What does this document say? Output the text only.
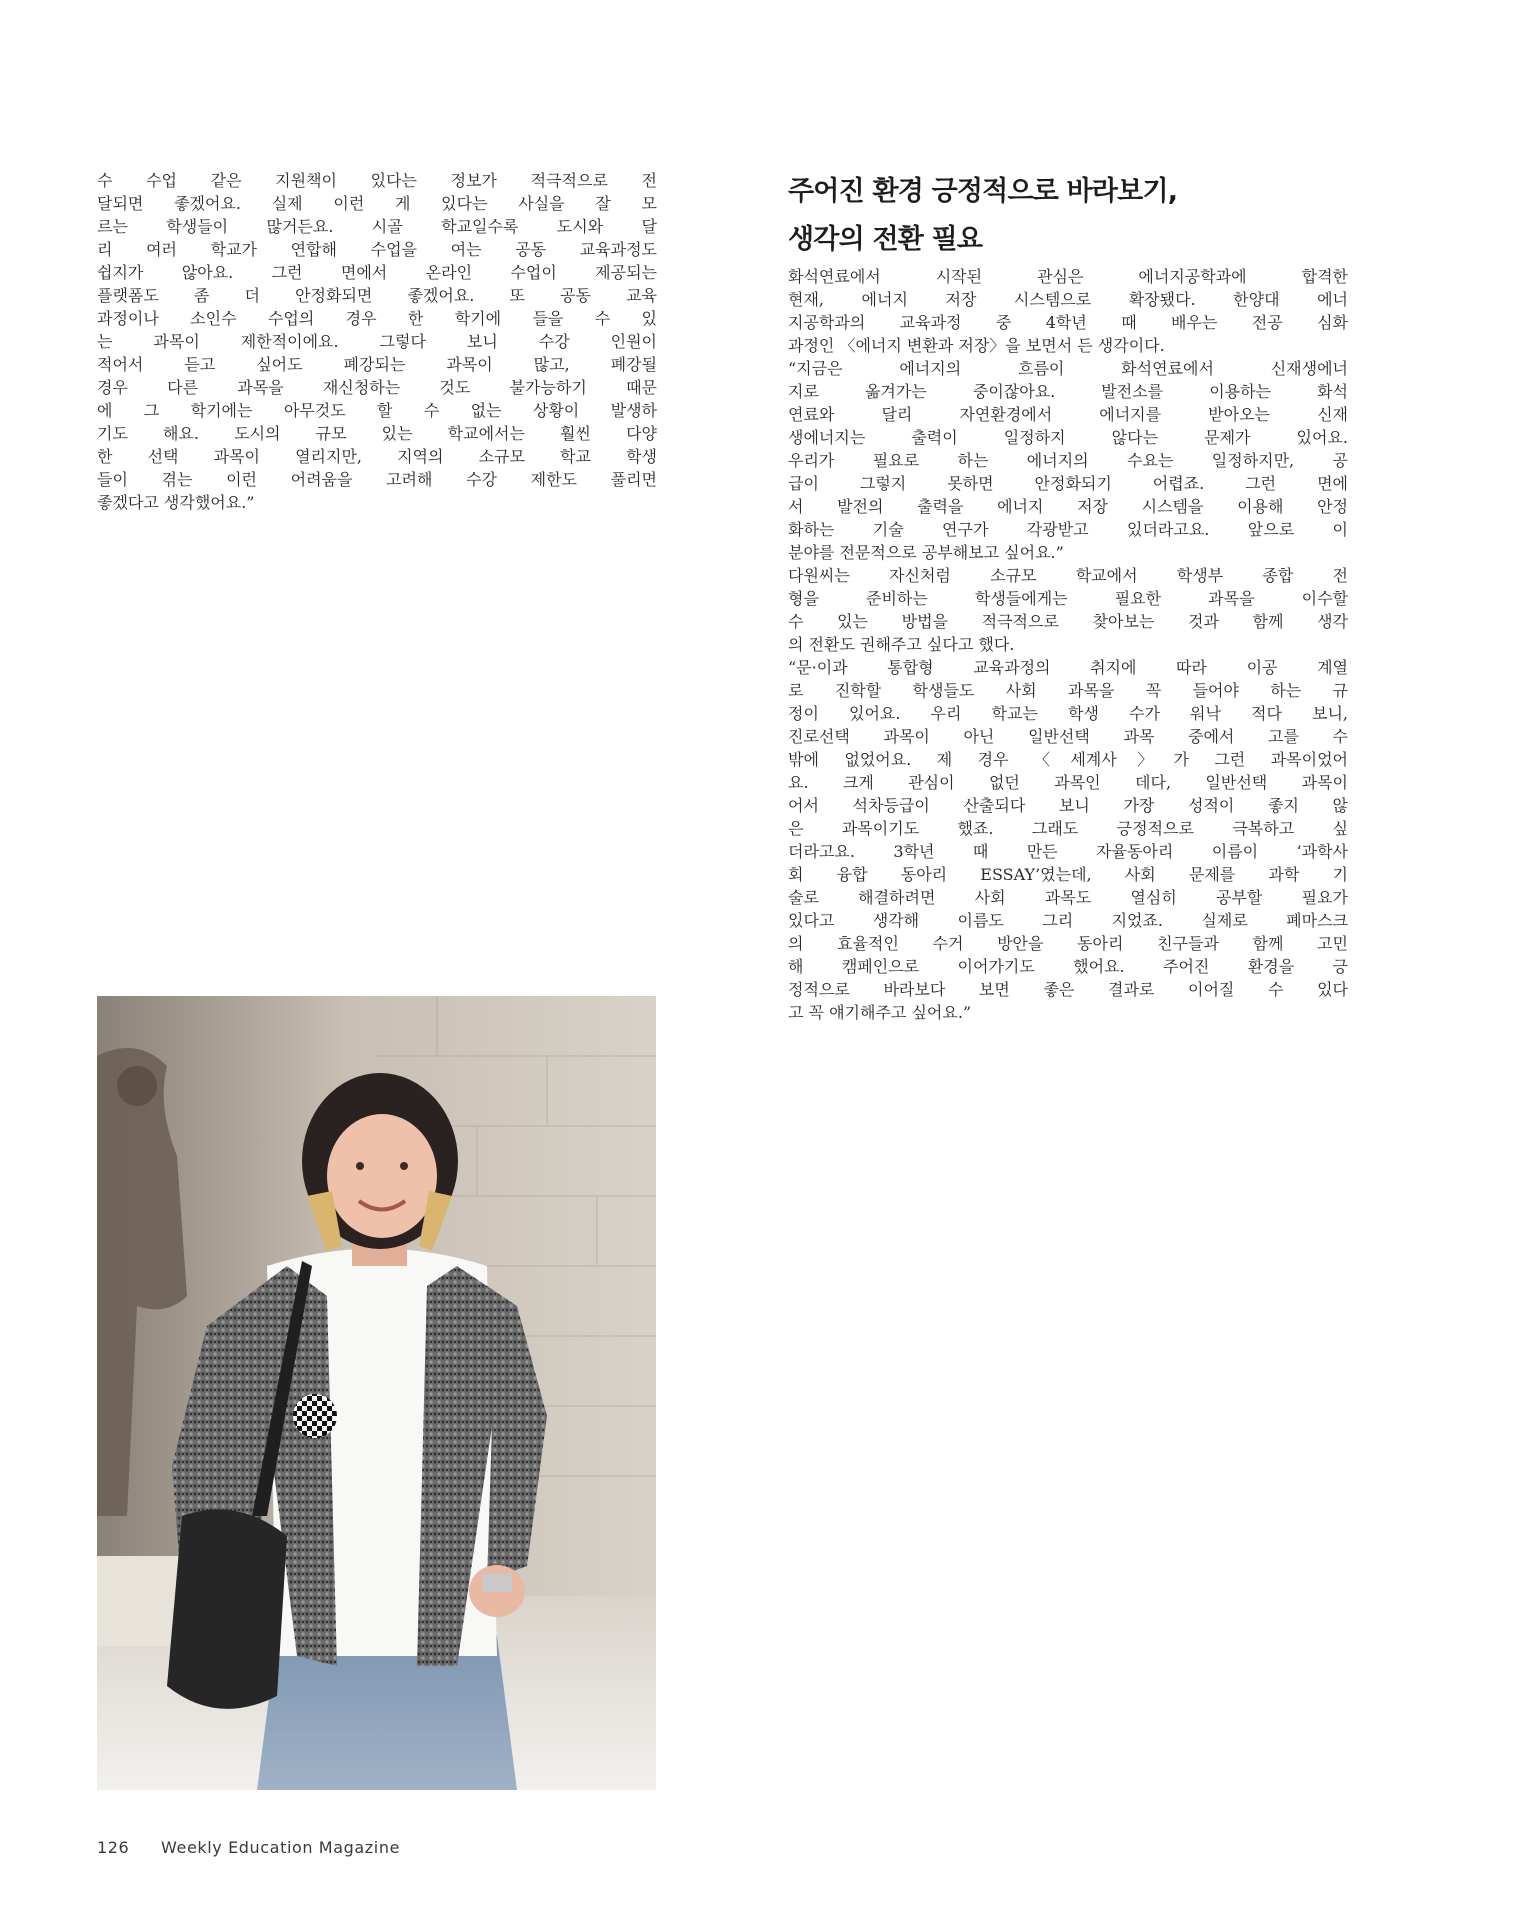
수 수업 같은 지원책이 있다는 정보가 적극적으로 전
달되면 좋겠어요. 실제 이런 게 있다는 사실을 잘 모
르는 학생들이 많거든요. 시골 학교일수록 도시와 달
리 여러 학교가 연합해 수업을 여는 공동 교육과정도
쉽지가 않아요. 그런 면에서 온라인 수업이 제공되는
플랫폼도 좀 더 안정화되면 좋겠어요. 또 공동 교육
과정이나 소인수 수업의 경우 한 학기에 들을 수 있
는 과목이 제한적이에요. 그렇다 보니 수강 인원이
적어서 듣고 싶어도 폐강되는 과목이 많고, 폐강될
경우 다른 과목을 재신청하는 것도 불가능하기 때문
에 그 학기에는 아무것도 할 수 없는 상황이 발생하
기도 해요. 도시의 규모 있는 학교에서는 훨씬 다양
한 선택 과목이 열리지만, 지역의 소규모 학교 학생
들이 겪는 이런 어려움을 고려해 수강 제한도 풀리면
좋겠다고 생각했어요.”
주어진 환경 긍정적으로 바라보기,
생각의 전환 필요
화석연료에서 시작된 관심은 에너지공학과에 합격한
현재, 에너지 저장 시스템으로 확장됐다. 한양대 에너
지공학과의 교육과정 중 4학년 때 배우는 전공 심화
과정인 〈에너지 변환과 저장〉을 보면서 든 생각이다.
“지금은 에너지의 흐름이 화석연료에서 신재생에너
지로 옮겨가는 중이잖아요. 발전소를 이용하는 화석
연료와 달리 자연환경에서 에너지를 받아오는 신재
생에너지는 출력이 일정하지 않다는 문제가 있어요.
우리가 필요로 하는 에너지의 수요는 일정하지만, 공
급이 그렇지 못하면 안정화되기 어렵죠. 그런 면에
서 발전의 출력을 에너지 저장 시스템을 이용해 안정
화하는 기술 연구가 각광받고 있더라고요. 앞으로 이
분야를 전문적으로 공부해보고 싶어요.”
다원씨는 자신처럼 소규모 학교에서 학생부 종합 전
형을 준비하는 학생들에게는 필요한 과목을 이수할
수 있는 방법을 적극적으로 찾아보는 것과 함께 생각
의 전환도 권해주고 싶다고 했다.
“문·이과 통합형 교육과정의 취지에 따라 이공 계열
로 진학할 학생들도 사회 과목을 꼭 들어야 하는 규
정이 있어요. 우리 학교는 학생 수가 워낙 적다 보니,
진로선택 과목이 아닌 일반선택 과목 중에서 고를 수
밖에 없었어요. 제 경우 〈세계사〉가 그런 과목이었어
요. 크게 관심이 없던 과목인 데다, 일반선택 과목이
어서 석차등급이 산출되다 보니 가장 성적이 좋지 않
은 과목이기도 했죠. 그래도 긍정적으로 극복하고 싶
더라고요. 3학년 때 만든 자율동아리 이름이 ‘과학사
회 융합 동아리 ESSAY’였는데, 사회 문제를 과학 기
술로 해결하려면 사회 과목도 열심히 공부할 필요가
있다고 생각해 이름도 그리 지었죠. 실제로 폐마스크
의 효율적인 수거 방안을 동아리 친구들과 함께 고민
해 캠페인으로 이어가기도 했어요. 주어진 환경을 긍
정적으로 바라보다 보면 좋은 결과로 이어질 수 있다
고 꼭 얘기해주고 싶어요.”
126 Weekly Education Magazine
